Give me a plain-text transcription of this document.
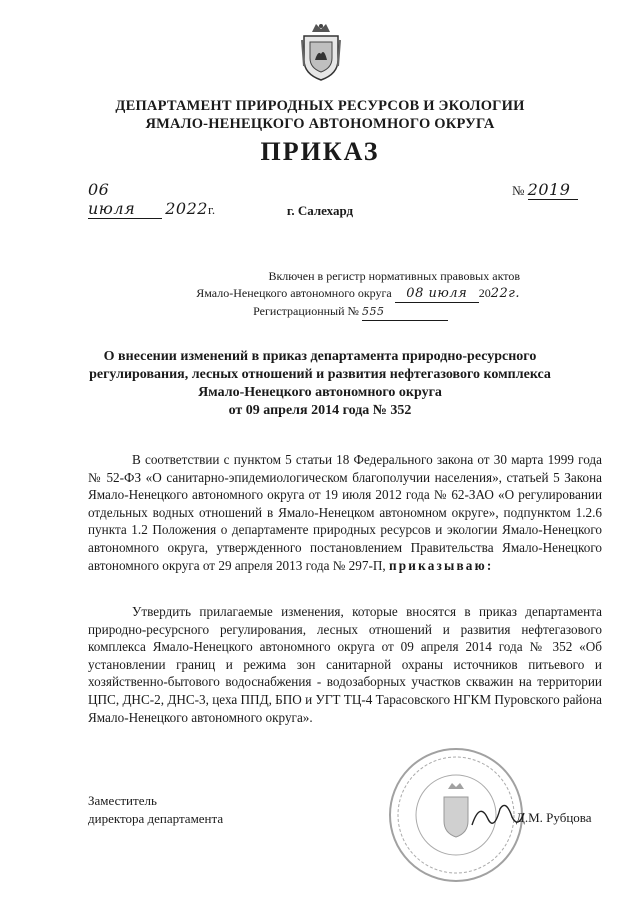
ДЕПАРТАМЕНТ ПРИРОДНЫХ РЕСУРСОВ И ЭКОЛОГИИ
ЯМАЛО-НЕНЕЦКОГО АВТОНОМНОГО ОКРУГА
ПРИКАЗ
06 июля 2022г.
№ 2019
г. Салехард
Включен в регистр нормативных правовых актов
Ямало-Ненецкого автономного округа 08 июля 2022г.
Регистрационный № 555
О внесении изменений в приказ департамента природно-ресурсного
регулирования, лесных отношений и развития нефтегазового комплекса
Ямало-Ненецкого автономного округа
от 09 апреля 2014 года № 352
В соответствии с пунктом 5 статьи 18 Федерального закона от 30 марта 1999 года № 52-ФЗ «О санитарно-эпидемиологическом благополучии населения», статьей 5 Закона Ямало-Ненецкого автономного округа от 19 июля 2012 года № 62-ЗАО «О регулировании отдельных водных отношений в Ямало-Ненецком автономном округе», подпунктом 1.2.6 пункта 1.2 Положения о департаменте природных ресурсов и экологии Ямало-Ненецкого автономного округа, утвержденного постановлением Правительства Ямало-Ненецкого автономного округа от 29 апреля 2013 года № 297-П, приказываю:
Утвердить прилагаемые изменения, которые вносятся в приказ департамента природно-ресурсного регулирования, лесных отношений и развития нефтегазового комплекса Ямало-Ненецкого автономного округа от 09 апреля 2014 года № 352 «Об установлении границ и режима зон санитарной охраны источников питьевого и хозяйственно-бытового водоснабжения - водозаборных участков скважин на территории ЦПС, ДНС-2, ДНС-3, цеха ППД, БПО и УГТ ТЦ-4 Тарасовского НГКМ Пуровского района Ямало-Ненецкого автономного округа».
Заместитель
директора департамента	Д.М. Рубцова
